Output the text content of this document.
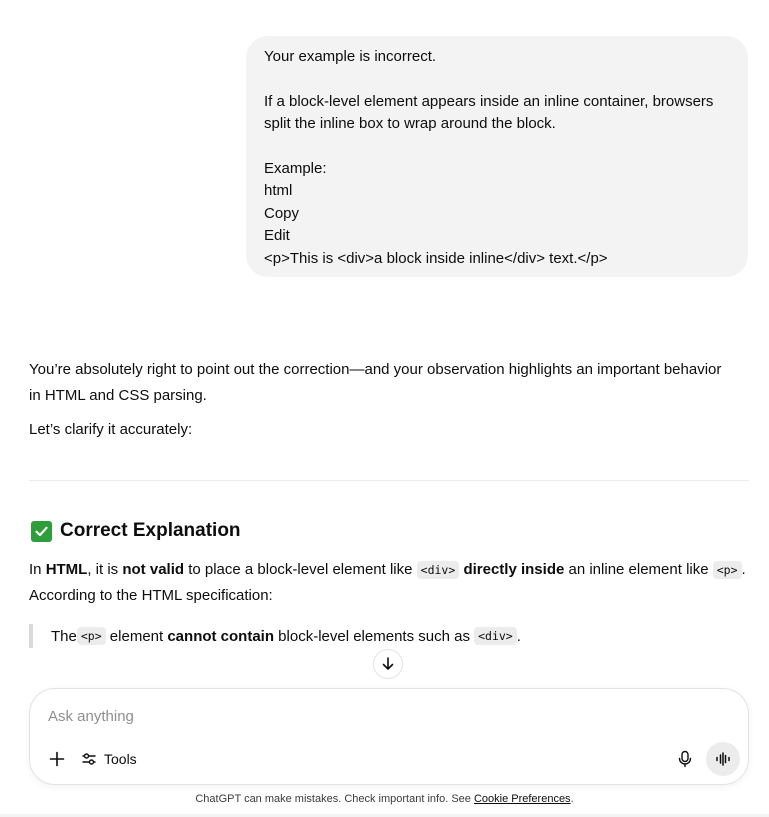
Your example is incorrect.
If a block-level element appears inside an inline container, browsers
split the inline box to wrap around the block.
Example:
html
Copy
Edit
<p>This is <div>a block inside inline</div> text.</p>

You’re absolutely right to point out the correction—and your observation highlights an important behavior

in HTML and CSS parsing.

Let’s clarify it accurately:

Correct Explanation

In HTML, it is not valid to place a block-level element like <div> directly inside an inline element like <p> .

According to the HTML specification:

The <p> element cannot contain block-level elements such as <div> .
Ask anything
Tools
ChatGPT can make mistakes. Check important info. See Cookie Preferences.
